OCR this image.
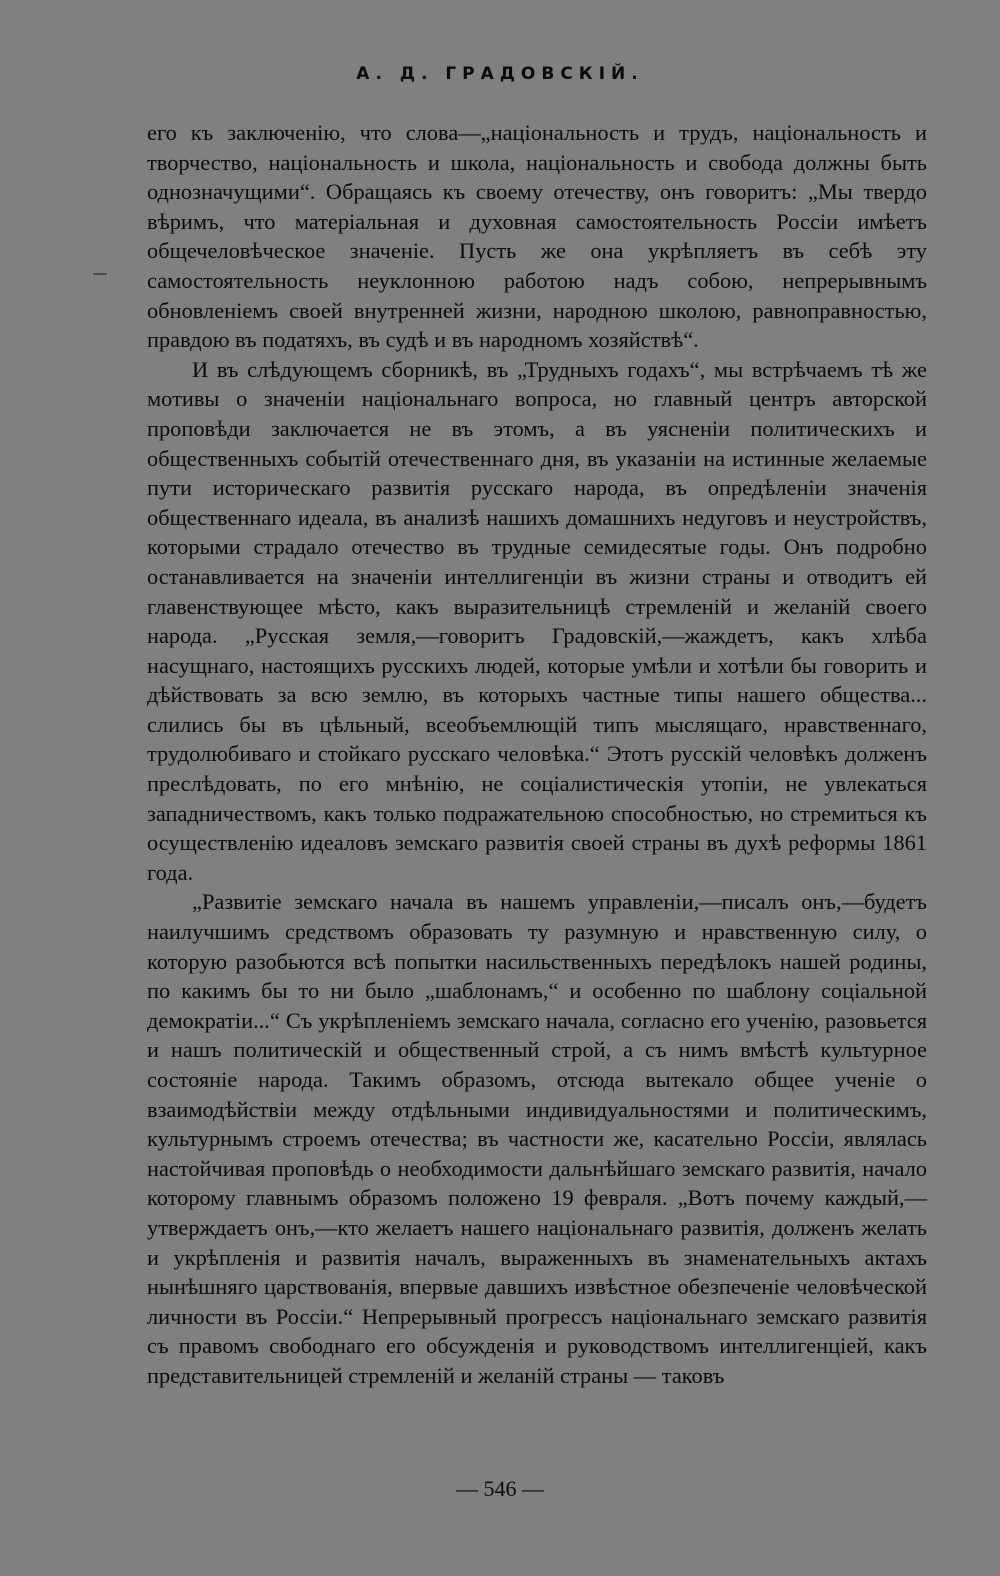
А. Д. ГРАДОВСКІЙ.

его къ заключенію, что слова—„національность и трудъ, національность и творчество, національность и школа, національность и свобода должны быть однозначущими“. Обращаясь къ своему отечеству, онъ говоритъ: „Мы твердо вѣримъ, что матеріальная и духовная самостоятельность Россіи имѣетъ общечеловѣческое значеніе. Пусть же она укрѣпляетъ въ себѣ эту самостоятельность неуклонною работою надъ собою, непрерывнымъ обновленіемъ своей внутренней жизни, народною школою, равноправностью, правдою въ податяхъ, въ судѣ и въ народномъ хозяйствѣ“.

И въ слѣдующемъ сборникѣ, въ „Трудныхъ годахъ“, мы встрѣчаемъ тѣ же мотивы о значеніи національнаго вопроса, но главный центръ авторской проповѣди заключается не въ этомъ, а въ уясненіи политическихъ и общественныхъ событій отечественнаго дня, въ указаніи на истинные желаемые пути историческаго развитія русскаго народа, въ опредѣленіи значенія общественнаго идеала, въ анализѣ нашихъ домашнихъ недуговъ и неустройствъ, которыми страдало отечество въ трудные семидесятые годы. Онъ подробно останавливается на значеніи интеллигенціи въ жизни страны и отводитъ ей главенствующее мѣсто, какъ выразительницѣ стремленій и желаній своего народа. „Русская земля,—говоритъ Градовскій,—жаждетъ, какъ хлѣба насущнаго, настоящихъ русскихъ людей, которые умѣли и хотѣли бы говорить и дѣйствовать за всю землю, въ которыхъ частные типы нашего общества... слились бы въ цѣльный, всеобъемлющій типъ мыслящаго, нравственнаго, трудолюбиваго и стойкаго русскаго человѣка.“ Этотъ русскій человѣкъ долженъ преслѣдовать, по его мнѣнію, не соціалистическія утопіи, не увлекаться западничествомъ, какъ только подражательною способностью, но стремиться къ осуществленію идеаловъ земскаго развитія своей страны въ духѣ реформы 1861 года.

„Развитіе земскаго начала въ нашемъ управленіи,—писалъ онъ,—будетъ наилучшимъ средствомъ образовать ту разумную и нравственную силу, о которую разобьются всѣ попытки насильственныхъ передѣлокъ нашей родины, по какимъ бы то ни было „шаблонамъ,“ и особенно по шаблону соціальной демократіи...“ Съ укрѣпленіемъ земскаго начала, согласно его ученію, разовьется и нашъ политическій и общественный строй, а съ нимъ вмѣстѣ культурное состояніе народа. Такимъ образомъ, отсюда вытекало общее ученіе о взаимодѣйствіи между отдѣльными индивидуальностями и политическимъ, культурнымъ строемъ отечества; въ частности же, касательно Россіи, являлась настойчивая проповѣдь о необходимости дальнѣйшаго земскаго развитія, начало которому главнымъ образомъ положено 19 февраля. „Вотъ почему каждый,—утверждаетъ онъ,—кто желаетъ нашего національнаго развитія, долженъ желать и укрѣпленія и развитія началъ, выраженныхъ въ знаменательныхъ актахъ нынѣшняго царствованія, впервые давшихъ извѣстное обезпеченіе человѣческой личности въ Россіи.“ Непрерывный прогрессъ національнаго земскаго развитія съ правомъ свободнаго его обсужденія и руководствомъ интеллигенціей, какъ представительницей стремленій и желаній страны — таковъ

— 546 —
